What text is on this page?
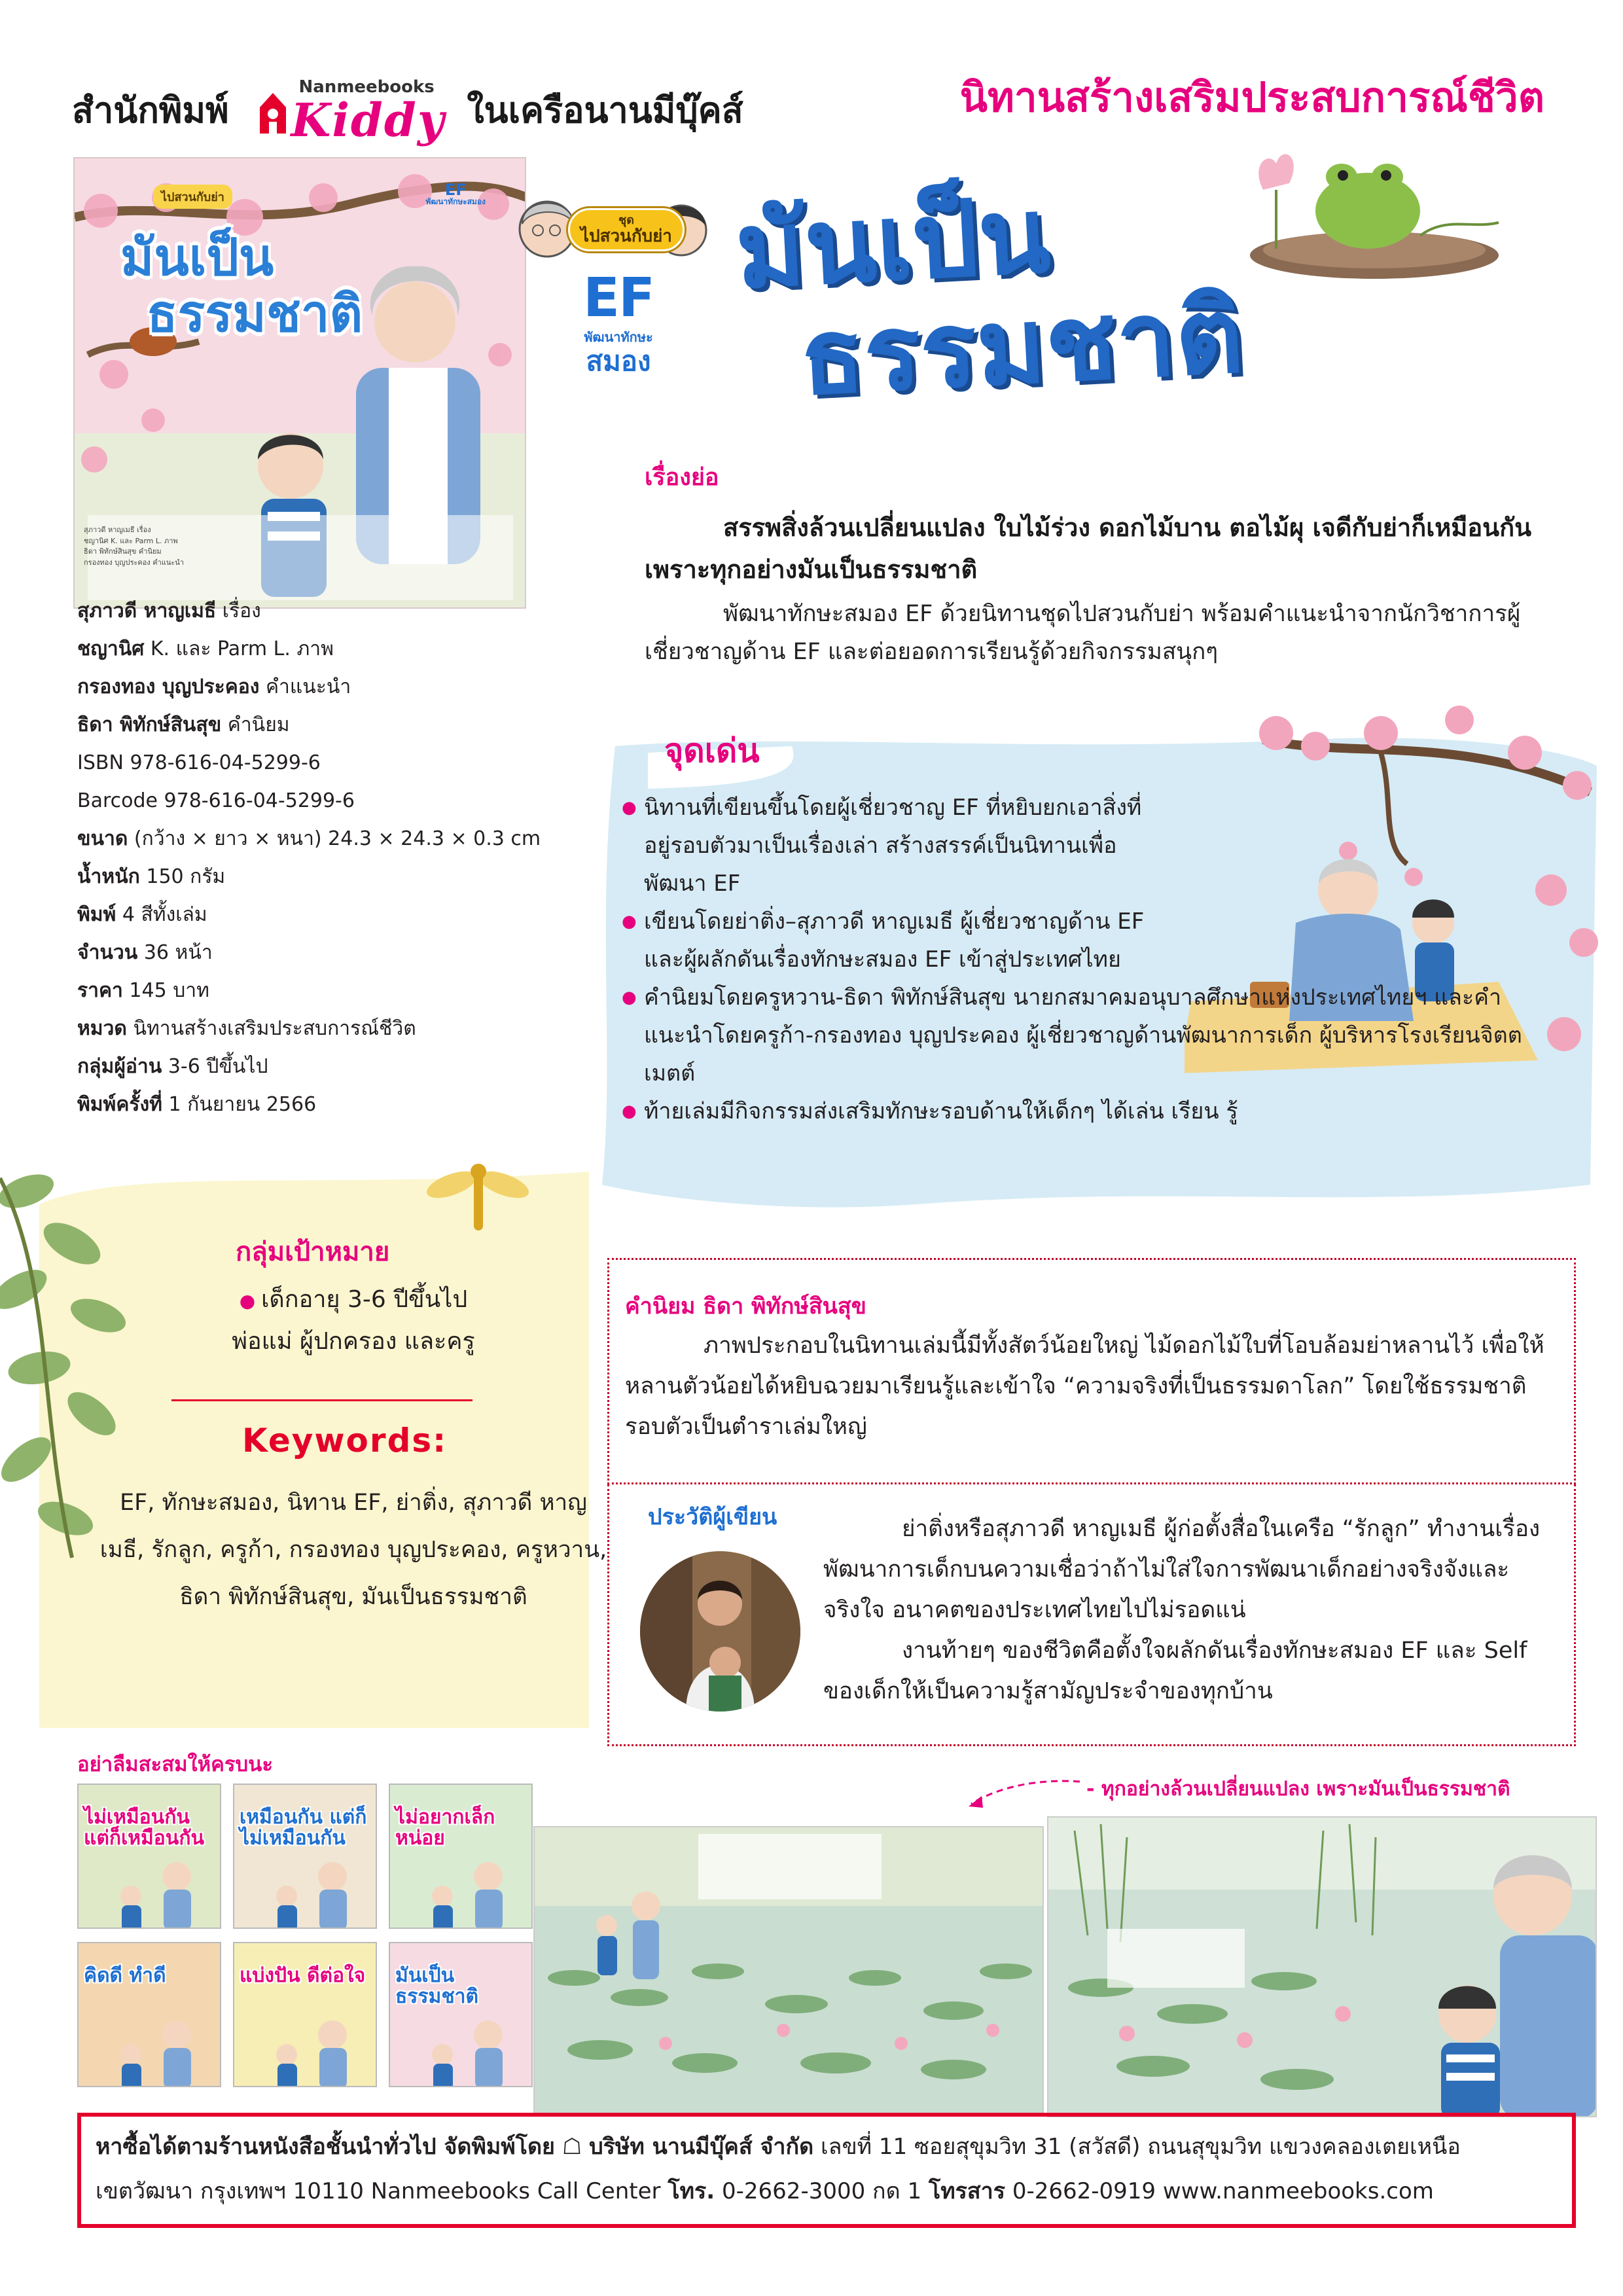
สำนักพิมพ์
Nanmeebooks
Kiddy ในเครือนานมีบุ๊คส์	นิทานสร้างเสริมประสบการณ์ชีวิต
ไปสวนกับย่า	EF
พัฒนาทักษะสมอง
มันเป็น
ธรรมชาติ
สุภาวดี หาญเมธี เรื่อง
ชญานิศ K. และ Parm L. ภาพ
ธิดา พิทักษ์สินสุข คำนิยม
กรองทอง บุญประคอง คำแนะนำ
ชุด
ไปสวนกับย่า
EF
พัฒนาทักษะ
สมอง
มันเป็น
ธรรมชาติ
เรื่องย่อ
สรรพสิ่งล้วนเปลี่ยนแปลง ใบไม้ร่วง ดอกไม้บาน ตอไม้ผุ เจดีกับย่าก็เหมือนกัน เพราะทุกอย่างมันเป็นธรรมชาติ
พัฒนาทักษะสมอง EF ด้วยนิทานชุดไปสวนกับย่า พร้อมคำแนะนำจากนักวิชาการผู้เชี่ยวชาญด้าน EF และต่อยอดการเรียนรู้ด้วยกิจกรรมสนุกๆ
สุภาวดี หาญเมธี เรื่อง
ชญานิศ K. และ Parm L. ภาพ
กรองทอง บุญประคอง คำแนะนำ
ธิดา พิทักษ์สินสุข คำนิยม
ISBN 978-616-04-5299-6
Barcode 978-616-04-5299-6
ขนาด (กว้าง × ยาว × หนา) 24.3 × 24.3 × 0.3 cm
น้ำหนัก 150 กรัม
พิมพ์ 4 สีทั้งเล่ม
จำนวน 36 หน้า
ราคา 145 บาท
หมวด นิทานสร้างเสริมประสบการณ์ชีวิต
กลุ่มผู้อ่าน 3-6 ปีขึ้นไป
พิมพ์ครั้งที่ 1 กันยายน 2566
จุดเด่น
● นิทานที่เขียนขึ้นโดยผู้เชี่ยวชาญ EF ที่หยิบยกเอาสิ่งที่อยู่รอบตัวมาเป็นเรื่องเล่า สร้างสรรค์เป็นนิทานเพื่อพัฒนา EF
● เขียนโดยย่าติ่ง–สุภาวดี หาญเมธี ผู้เชี่ยวชาญด้าน EF และผู้ผลักดันเรื่องทักษะสมอง EF เข้าสู่ประเทศไทย
● คำนิยมโดยครูหวาน-ธิดา พิทักษ์สินสุข นายกสมาคมอนุบาลศึกษาแห่งประเทศไทยฯ และคำแนะนำโดยครูก้า-กรองทอง บุญประคอง ผู้เชี่ยวชาญด้านพัฒนาการเด็ก ผู้บริหารโรงเรียนจิตตเมตต์
● ท้ายเล่มมีกิจกรรมส่งเสริมทักษะรอบด้านให้เด็กๆ ได้เล่น เรียน รู้
กลุ่มเป้าหมาย
● เด็กอายุ 3-6 ปีขึ้นไป
พ่อแม่ ผู้ปกครอง และครู
Keywords:
EF, ทักษะสมอง, นิทาน EF, ย่าติ่ง, สุภาวดี หาญเมธี, รักลูก, ครูก้า, กรองทอง บุญประคอง, ครูหวาน, ธิดา พิทักษ์สินสุข, มันเป็นธรรมชาติ
คำนิยม ธิดา พิทักษ์สินสุข
ภาพประกอบในนิทานเล่มนี้มีทั้งสัตว์น้อยใหญ่ ไม้ดอกไม้ใบที่โอบล้อมย่าหลานไว้ เพื่อให้หลานตัวน้อยได้หยิบฉวยมาเรียนรู้และเข้าใจ “ความจริงที่เป็นธรรมดาโลก” โดยใช้ธรรมชาติรอบตัวเป็นตำราเล่มใหญ่
ประวัติผู้เขียน	ย่าติ่งหรือสุภาวดี หาญเมธี ผู้ก่อตั้งสื่อในเครือ “รักลูก” ทำงานเรื่องพัฒนาการเด็กบนความเชื่อว่าถ้าไม่ใส่ใจการพัฒนาเด็กอย่างจริงจังและจริงใจ อนาคตของประเทศไทยไปไม่รอดแน่
งานท้ายๆ ของชีวิตคือตั้งใจผลักดันเรื่องทักษะสมอง EF และ Self ของเด็กให้เป็นความรู้สามัญประจำของทุกบ้าน
อย่าลืมสะสมให้ครบนะ
ไม่เหมือนกัน แต่ก็เหมือนกัน
เหมือนกัน แต่ก็ไม่เหมือนกัน
ไม่อยากเล็กหน่อย
คิดดี ทำดี	แบ่งปัน ดีต่อใจ มันเป็น ธรรมชาติ
- ทุกอย่างล้วนเปลี่ยนแปลง เพราะมันเป็นธรรมชาติ
หาซื้อได้ตามร้านหนังสือชั้นนำทั่วไป จัดพิมพ์โดย ☖ บริษัท นานมีบุ๊คส์ จำกัด เลขที่ 11 ซอยสุขุมวิท 31 (สวัสดี) ถนนสุขุมวิท แขวงคลองเตยเหนือ
เขตวัฒนา กรุงเทพฯ 10110 Nanmeebooks Call Center โทร. 0-2662-3000 กด 1 โทรสาร 0-2662-0919 www.nanmeebooks.com
